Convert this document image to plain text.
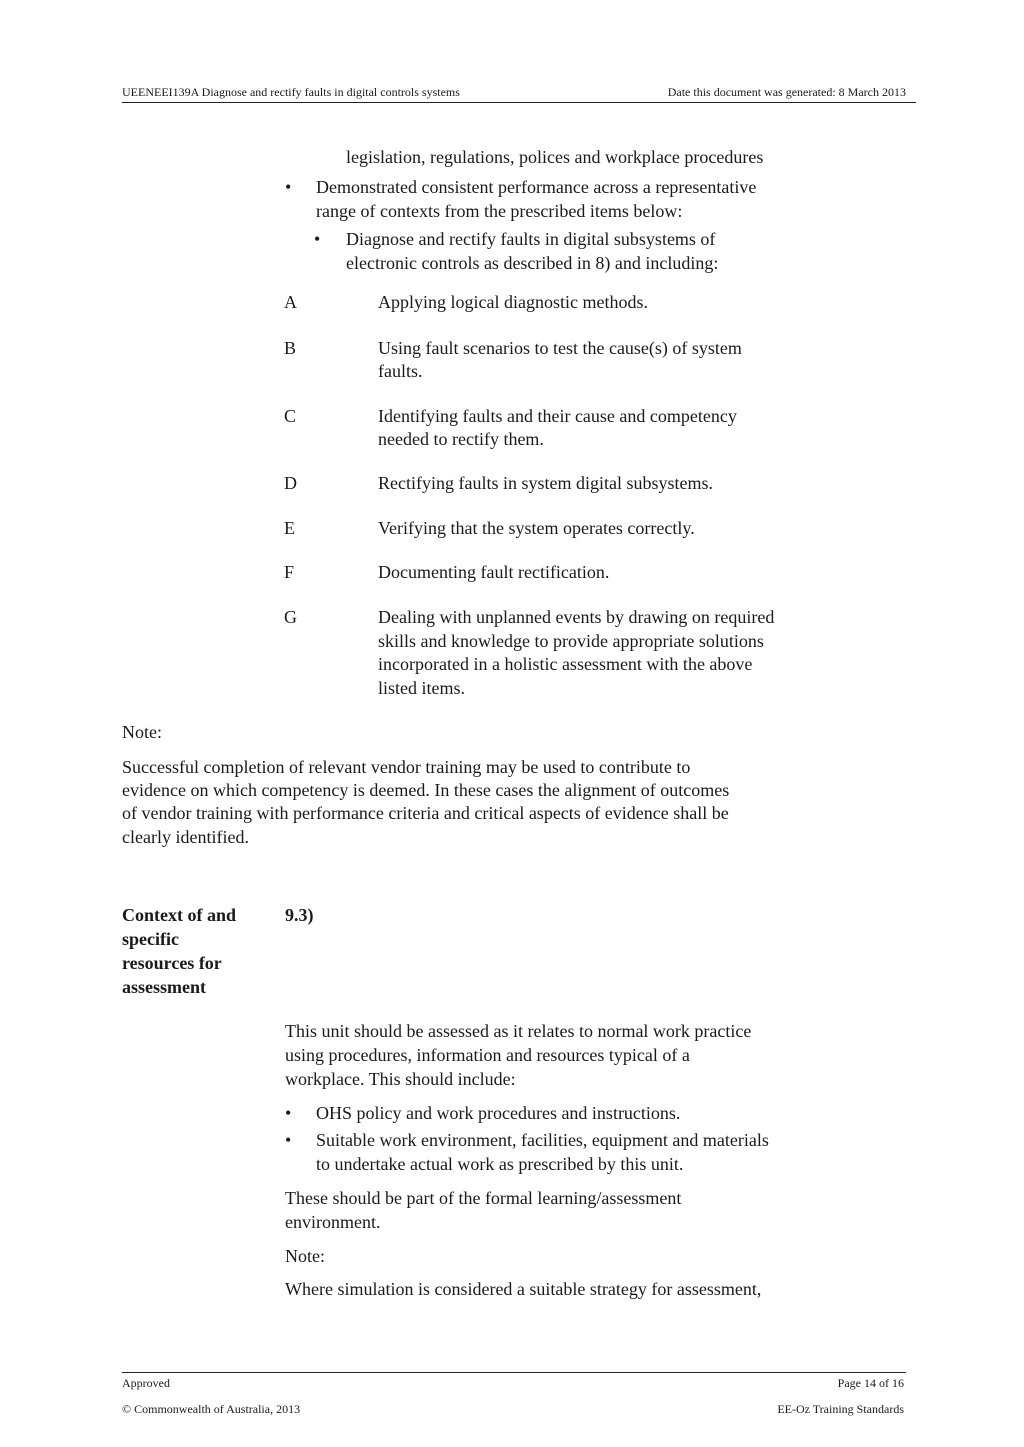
UEENEEI139A Diagnose and rectify faults in digital controls systems	Date this document was generated: 8 March 2013
legislation, regulations, polices and workplace procedures
• Demonstrated consistent performance across a representative
range of contexts from the prescribed items below:
• Diagnose and rectify faults in digital subsystems of
electronic controls as described in 8) and including:
A	Applying logical diagnostic methods.
B	Using fault scenarios to test the cause(s) of system
faults.
C	Identifying faults and their cause and competency
needed to rectify them.
D	Rectifying faults in system digital subsystems.
E	Verifying that the system operates correctly.
F	Documenting fault rectification.
G	Dealing with unplanned events by drawing on required
skills and knowledge to provide appropriate solutions
incorporated in a holistic assessment with the above
listed items.
Note:
Successful completion of relevant vendor training may be used to contribute to
evidence on which competency is deemed. In these cases the alignment of outcomes
of vendor training with performance criteria and critical aspects of evidence shall be
clearly identified.
Context of and
specific
resources for
assessment
9.3)
This unit should be assessed as it relates to normal work practice
using procedures, information and resources typical of a
workplace. This should include:
• OHS policy and work procedures and instructions.
• Suitable work environment, facilities, equipment and materials
to undertake actual work as prescribed by this unit.
These should be part of the formal learning/assessment
environment.
Note:
Where simulation is considered a suitable strategy for assessment,
Approved	Page 14 of 16
© Commonwealth of Australia, 2013	EE-Oz Training Standards
